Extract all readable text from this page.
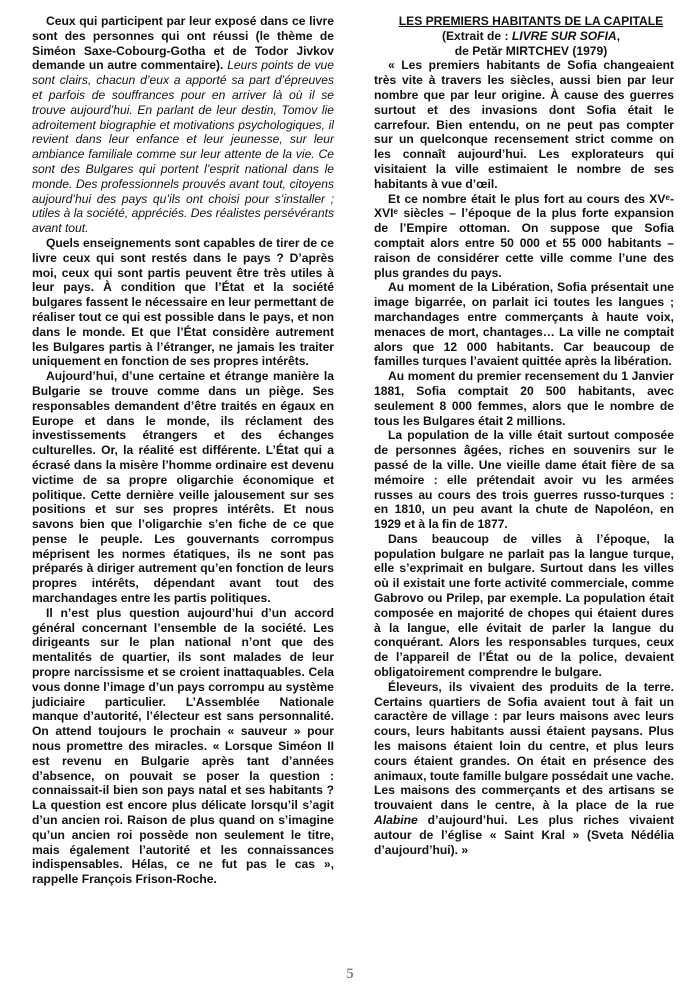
Ceux qui participent par leur exposé dans ce livre sont des personnes qui ont réussi (le thème de Siméon Saxe-Cobourg-Gotha et de Todor Jivkov demande un autre commentaire). Leurs points de vue sont clairs, chacun d’eux a apporté sa part d’épreuves et parfois de souffrances pour en arriver là où il se trouve aujourd’hui. En parlant de leur destin, Tomov lie adroitement biographie et motivations psychologiques, il revient dans leur enfance et leur jeunesse, sur leur ambiance familiale comme sur leur attente de la vie. Ce sont des Bulgares qui portent l’esprit national dans le monde. Des professionnels prouvés avant tout, citoyens aujourd’hui des pays qu’ils ont choisi pour s’installer ; utiles à la société, appréciés. Des réalistes persévérants avant tout.

Quels enseignements sont capables de tirer de ce livre ceux qui sont restés dans le pays ? D’après moi, ceux qui sont partis peuvent être très utiles à leur pays. À condition que l’État et la société bulgares fassent le nécessaire en leur permettant de réaliser tout ce qui est possible dans le pays, et non dans le monde. Et que l’État considère autrement les Bulgares partis à l’étranger, ne jamais les traiter uniquement en fonction de ses propres intérêts.

Aujourd’hui, d’une certaine et étrange manière la Bulgarie se trouve comme dans un piège. Ses responsables demandent d’être traités en égaux en Europe et dans le monde, ils réclament des investissements étrangers et des échanges culturelles. Or, la réalité est différente. L’État qui a écrasé dans la misère l’homme ordinaire est devenu victime de sa propre oligarchie économique et politique. Cette dernière veille jalousement sur ses positions et sur ses propres intérêts. Et nous savons bien que l’oligarchie s’en fiche de ce que pense le peuple. Les gouvernants corrompus méprisent les normes étatiques, ils ne sont pas préparés à diriger autrement qu’en fonction de leurs propres intérêts, dépendant avant tout des marchandages entre les partis politiques.

Il n’est plus question aujourd’hui d’un accord général concernant l’ensemble de la société. Les dirigeants sur le plan national n’ont que des mentalités de quartier, ils sont malades de leur propre narcissisme et se croient inattaquables. Cela vous donne l’image d’un pays corrompu au système judiciaire particulier. L’Assemblée Nationale manque d’autorité, l’électeur est sans personnalité. On attend toujours le prochain « sauveur » pour nous promettre des miracles. « Lorsque Siméon II est revenu en Bulgarie après tant d’années d’absence, on pouvait se poser la question : connaissait-il bien son pays natal et ses habitants ? La question est encore plus délicate lorsqu’il s’agit d’un ancien roi. Raison de plus quand on s’imagine qu’un ancien roi possède non seulement le titre, mais également l’autorité et les connaissances indispensables. Hélas, ce ne fut pas le cas », rappelle François Frison-Roche.

LES PREMIERS HABITANTS DE LA CAPITALE

(Extrait de : LIVRE SUR SOFIA,

de Petăr MIRTCHEV (1979)

« Les premiers habitants de Sofia changeaient très vite à travers les siècles, aussi bien par leur nombre que par leur origine. À cause des guerres surtout et des invasions dont Sofia était le carrefour. Bien entendu, on ne peut pas compter sur un quelconque recensement strict comme on les connaît aujourd’hui. Les explorateurs qui visitaient la ville estimaient le nombre de ses habitants à vue d’œil.

Et ce nombre était le plus fort au cours des XVᵉ-XVIᵉ siècles – l’époque de la plus forte expansion de l’Empire ottoman. On suppose que Sofia comptait alors entre 50 000 et 55 000 habitants – raison de considérer cette ville comme l’une des plus grandes du pays.

Au moment de la Libération, Sofia présentait une image bigarrée, on parlait ici toutes les langues ; marchandages entre commerçants à haute voix, menaces de mort, chantages… La ville ne comptait alors que 12 000 habitants. Car beaucoup de familles turques l’avaient quittée après la libération.

Au moment du premier recensement du 1 Janvier 1881, Sofia comptait 20 500 habitants, avec seulement 8 000 femmes, alors que le nombre de tous les Bulgares était 2 millions.

La population de la ville était surtout composée de personnes âgées, riches en souvenirs sur le passé de la ville. Une vieille dame était fière de sa mémoire : elle prétendait avoir vu les armées russes au cours des trois guerres russo-turques : en 1810, un peu avant la chute de Napoléon, en 1929 et à la fin de 1877.

Dans beaucoup de villes à l’époque, la population bulgare ne parlait pas la langue turque, elle s’exprimait en bulgare. Surtout dans les villes où il existait une forte activité commerciale, comme Gabrovo ou Prilep, par exemple. La population était composée en majorité de chopes qui étaient dures à la langue, elle évitait de parler la langue du conquérant. Alors les responsables turques, ceux de l’appareil de l’État ou de la police, devaient obligatoirement comprendre le bulgare.

Éleveurs, ils vivaient des produits de la terre. Certains quartiers de Sofia avaient tout à fait un caractère de village : par leurs maisons avec leurs cours, leurs habitants aussi étaient paysans. Plus les maisons étaient loin du centre, et plus leurs cours étaient grandes. On était en présence des animaux, toute famille bulgare possédait une vache. Les maisons des commerçants et des artisans se trouvaient dans le centre, à la place de la rue Alabine d’aujourd’hui. Les plus riches vivaient autour de l’église « Saint Kral » (Sveta Nédélia d’aujourd’hui). »

5
